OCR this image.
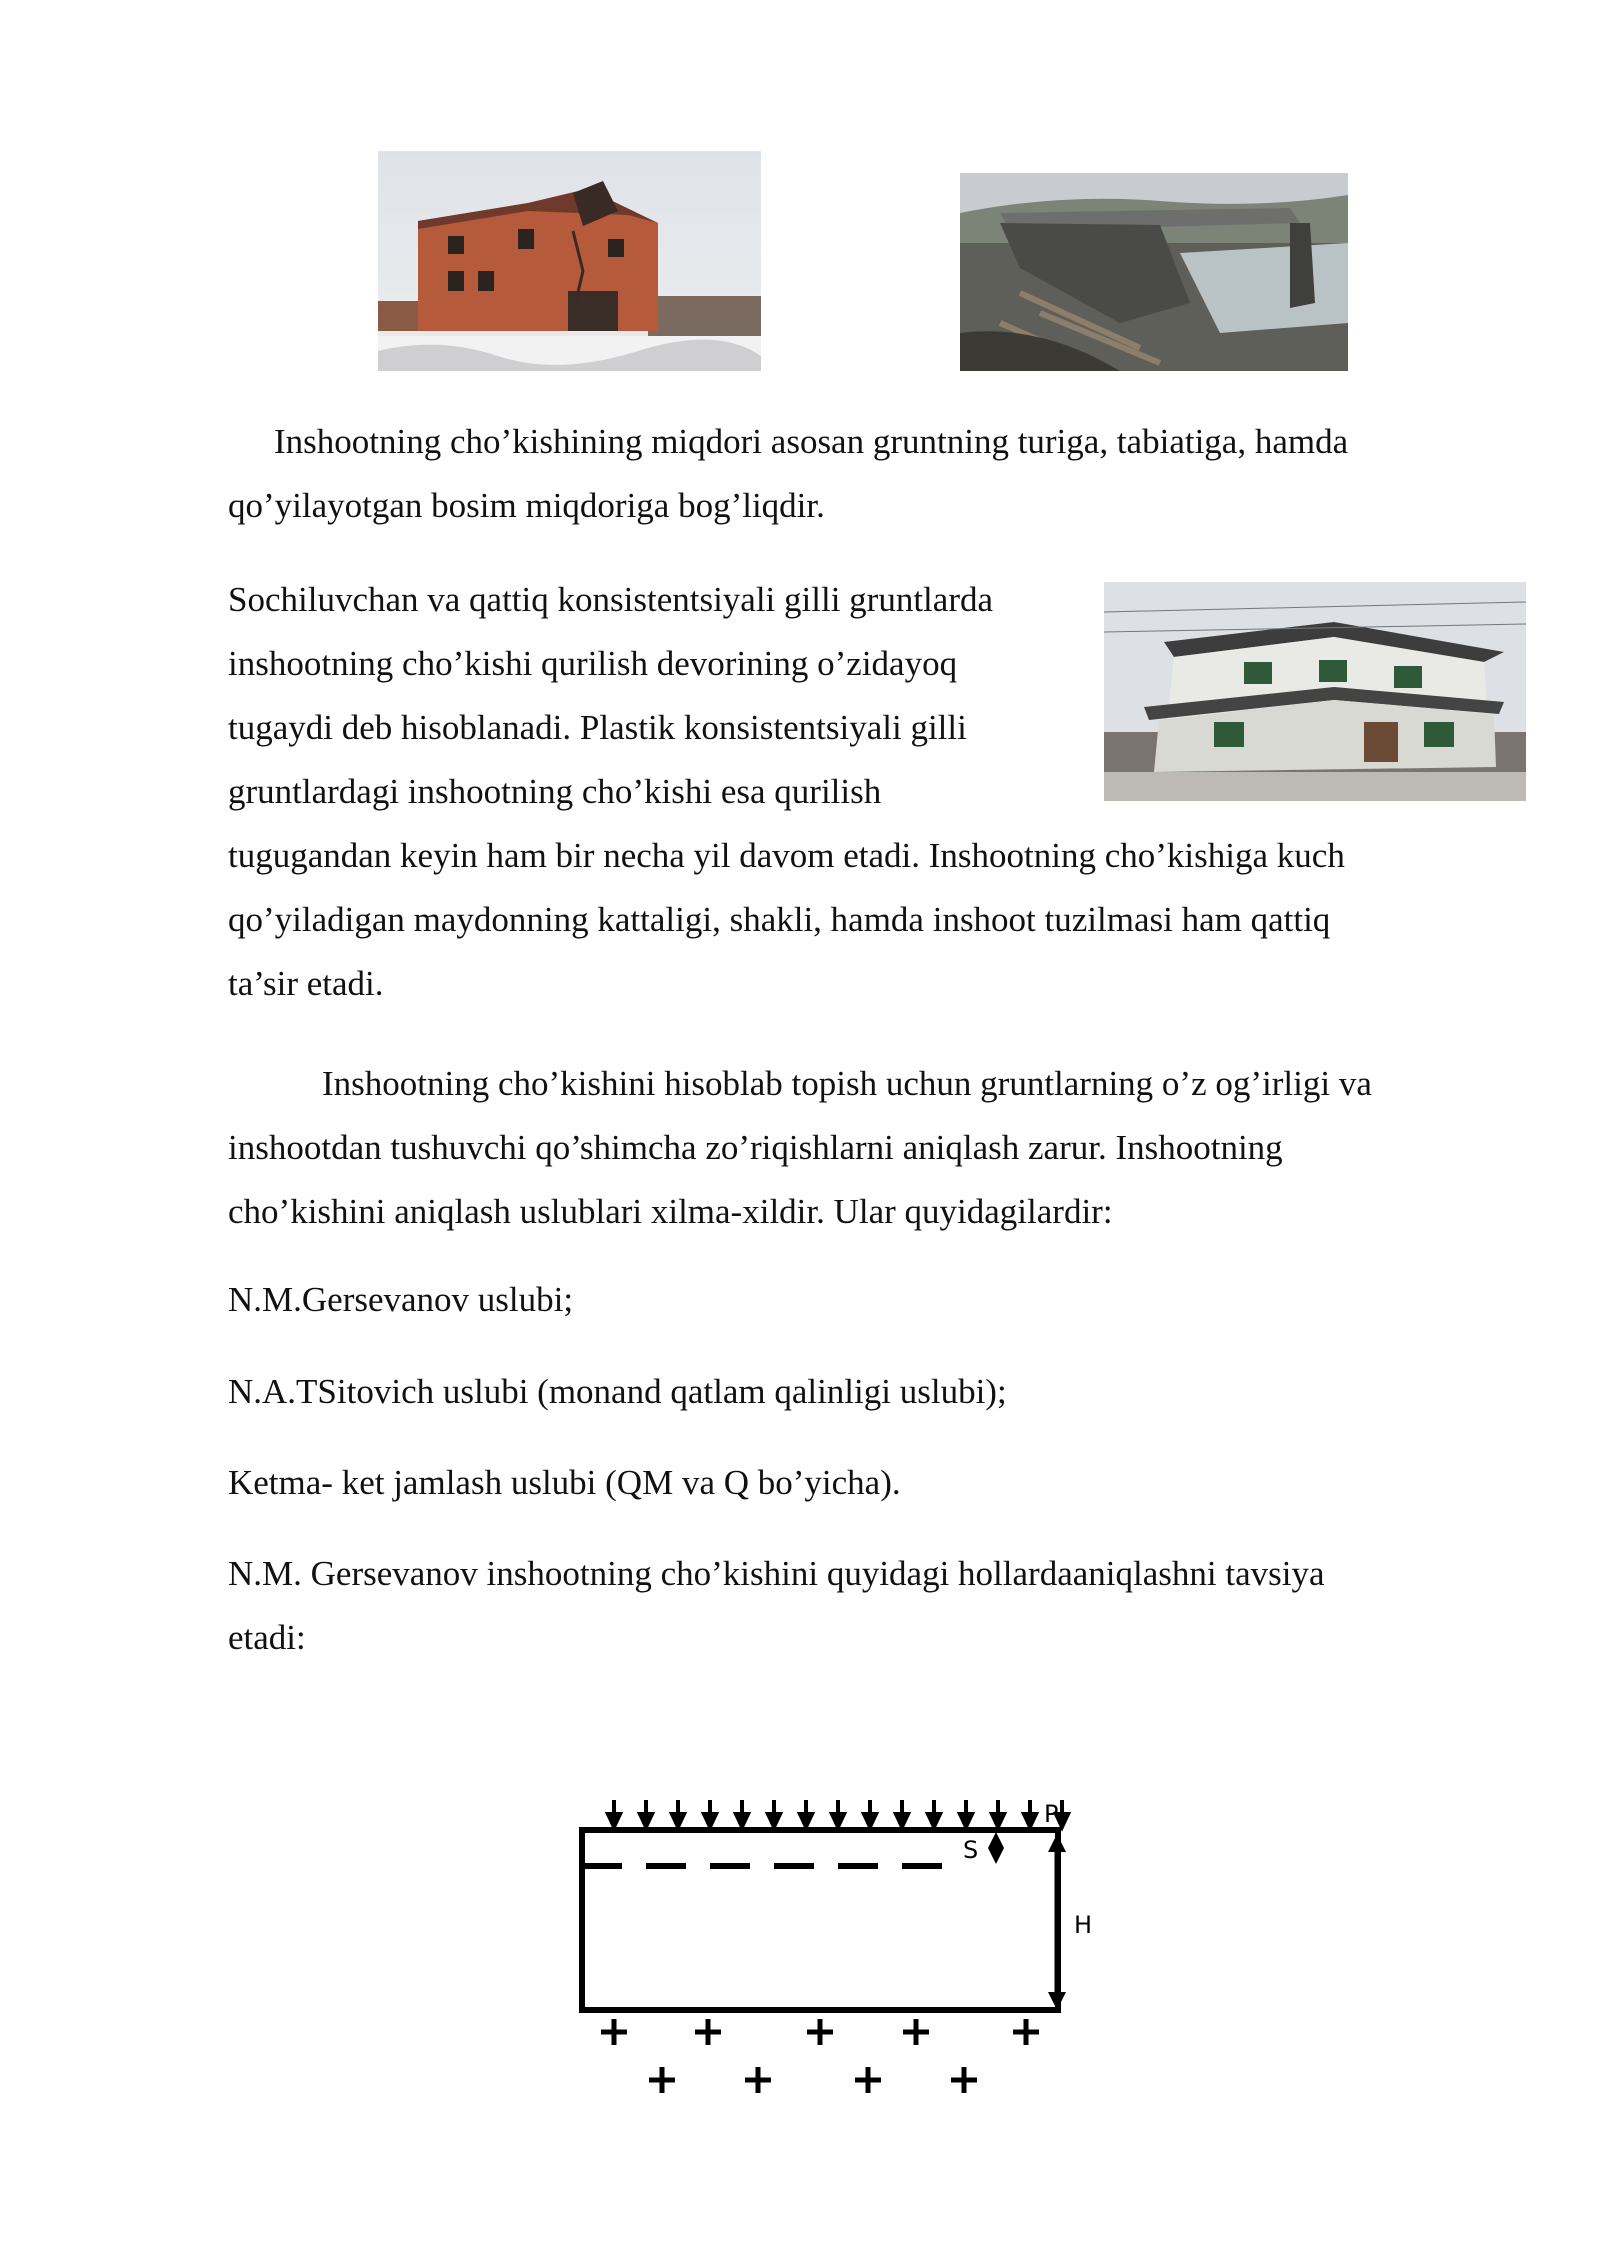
Inshootning cho’kishining miqdori asosan gruntning turiga, tabiatiga, hamda
qo’yilayotgan bosim miqdoriga bog’liqdir.
Sochiluvchan va qattiq konsistentsiyali gilli gruntlarda
inshootning cho’kishi qurilish devorining o’zidayoq
tugaydi deb hisoblanadi. Plastik konsistentsiyali gilli
gruntlardagi inshootning cho’kishi esa qurilish
tugugandan keyin ham bir necha yil davom etadi. Inshootning cho’kishiga kuch
qo’yiladigan maydonning kattaligi, shakli, hamda inshoot tuzilmasi ham qattiq
ta’sir etadi.
Inshootning cho’kishini hisoblab topish uchun gruntlarning o’z og’irligi va
inshootdan tushuvchi qo’shimcha zo’riqishlarni aniqlash zarur. Inshootning
cho’kishini aniqlash uslublari xilma-xildir. Ular quyidagilardir:
N.M.Gersevanov uslubi;
N.A.TSitovich uslubi (monand qatlam qalinligi uslubi);
Ketma- ket jamlash uslubi (QM va Q bo’yicha).
N.M. Gersevanov inshootning cho’kishini quyidagi hollardaaniqlashni tavsiya
etadi:
S
P
H
